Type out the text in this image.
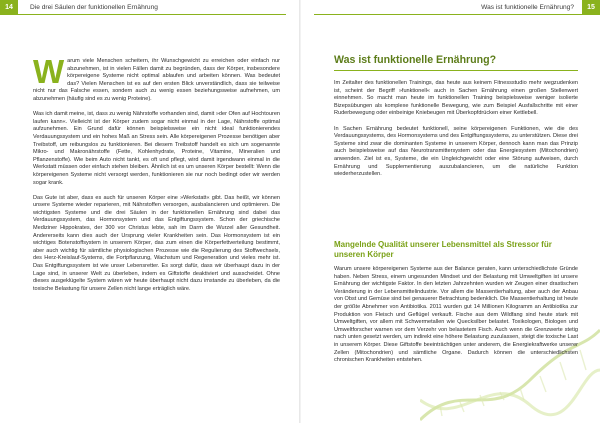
14	Die drei Säulen der funktionellen Ernährung

Warum viele Menschen scheitern, ihr Wunschgewicht zu erreichen oder einfach nur abzunehmen, ist in vielen Fällen damit zu begründen, dass der Körper, insbesondere körpereigene Systeme nicht optimal ablaufen und arbeiten können. Was bedeutet das? Vielen Menschen ist es auf den ersten Blick unverständlich, dass sie teilweise nicht nur das Falsche essen, sondern auch zu wenig essen beziehungsweise aufnehmen, um abzunehmen (häufig sind es zu wenig Proteine).

Was ich damit meine, ist, dass zu wenig Nährstoffe vorhanden sind, damit »der Ofen auf Hochtouren laufen kann«. Vielleicht ist der Körper zudem sogar nicht einmal in der Lage, Nährstoffe optimal aufzunehmen. Ein Grund dafür können beispielsweise ein nicht ideal funktionierendes Verdauungssystem und ein hohes Maß an Stress sein. Alle körpereigenen Prozesse benötigen aber Treibstoff, um reibungslos zu funktionieren. Bei diesem Treibstoff handelt es sich um sogenannte Mikro- und Makronährstoffe (Fette, Kohlenhydrate, Proteine, Vitamine, Mineralien und Pflanzenstoffe). Wie beim Auto nicht tankt, es oft und pflegt, wird damit irgendwann einmal in die Werkstatt müssen oder einfach stehen bleiben. Ähnlich ist es um unseren Körper bestellt: Wenn die körpereigenen Systeme nicht versorgt werden, funktionieren sie nur noch bedingt oder wir werden sogar krank.

Das Gute ist aber, dass es auch für unseren Körper eine »Werkstatt« gibt. Das heißt, wir können unsere Systeme wieder reparieren, mit Nährstoffen versorgen, ausbalancieren und optimieren. Die wichtigsten Systeme und die drei Säulen in der funktionellen Ernährung sind dabei das Verdauungssystem, das Hormonsystem und das Entgiftungssystem. Schon der griechische Mediziner Hippokrates, der 300 vor Christus lebte, sah im Darm die Wurzel aller Gesundheit. Andererseits kann dies auch der Ursprung vieler Krankheiten sein. Das Hormonsystem ist ein wichtiges Botenstoffsystem in unserem Körper, das zum einen die Körperfettverteilung bestimmt, aber auch wichtig für sämtliche physiologischen Prozesse wie die Regulierung des Stoffwechsels, des Herz-Kreislauf-Systems, die Fortpflanzung, Wachstum und Regeneration und vieles mehr ist. Das Entgiftungssystem ist wie unser Lebensretter. Es sorgt dafür, dass wir überhaupt dazu in der Lage sind, in unserer Welt zu überleben, indem es Giftstoffe deaktiviert und ausscheidet. Ohne dieses ausgeklügelte System wären wir heute überhaupt nicht dazu imstande zu überleben, da die toxische Belastung für unsere Zellen nicht lange erträglich wäre.

Was ist funktionelle Ernährung?	15
Was ist funktionelle Ernährung?

Im Zeitalter des funktionellen Trainings, das heute aus keinem Fitnessstudio mehr wegzudenken ist, scheint der Begriff »funktionell« auch in Sachen Ernährung einen großen Stellenwert einnehmen. So macht man heute im funktionellen Training beispielsweise weniger isolierte Bizepsübungen als komplexe funktionelle Bewegung, wie zum Beispiel Ausfallschritte mit einer Ruderbewegung oder einbeinige Kniebeugen mit Überkopfdrücken einer Kettlebell.

In Sachen Ernährung bedeutet funktionell, seine körpereigenen Funktionen, wie die des Verdauungssystems, des Hormonsystems und des Entgiftungssystems, zu unterstützen. Diese drei Systeme sind zwar die dominanten Systeme in unserem Körper, dennoch kann man das Prinzip auch beispielsweise auf das Neurotransmittersystem oder das Energiesystem (Mitochondrien) anwenden. Ziel ist es, Systeme, die ein Ungleichgewicht oder eine Störung aufweisen, durch Ernährung und Supplementierung auszubalancieren, um die natürliche Funktion wiederherzustellen.

Mangelnde Qualität unserer Lebensmittel als Stressor für unseren Körper

Warum unsere körpereigenen Systeme aus der Balance geraten, kann unterschiedlichste Gründe haben. Neben Stress, einem ungesunden Mindset und der Belastung mit Umweltgiften ist unsere Ernährung der wichtigste Faktor. In den letzten Jahrzehnten wurden wir Zeugen einer drastischen Veränderung in der Lebensmittelindustrie. Vor allem die Massentierhaltung, aber auch der Anbau von Obst und Gemüse sind bei genauerer Betrachtung bedenklich. Die Massentierhaltung ist heute der größte Abnehmer von Antibiotika. 2011 wurden gut 14 Millionen Kilogramm an Antibiotika zur Produktion von Fleisch und Geflügel verkauft. Fische aus dem Wildfang sind heute stark mit Umweltgiften, vor allem mit Schwermetallen wie Quecksilber belastet. Toxikologen, Biologen und Umweltforscher warnen vor dem Verzehr von belastetem Fisch. Auch wenn die Grenzwerte stetig nach unten gesetzt werden, um indirekt eine höhere Belastung zuzulassen, steigt die toxische Last in unserem Körper. Diese Giftstoffe beeinträchtigen unter anderem, die Energiekraftwerke unserer Zellen (Mitochondrien) und sämtliche Organe. Dadurch können die unterschiedlichsten chronischen Krankheiten entstehen.
